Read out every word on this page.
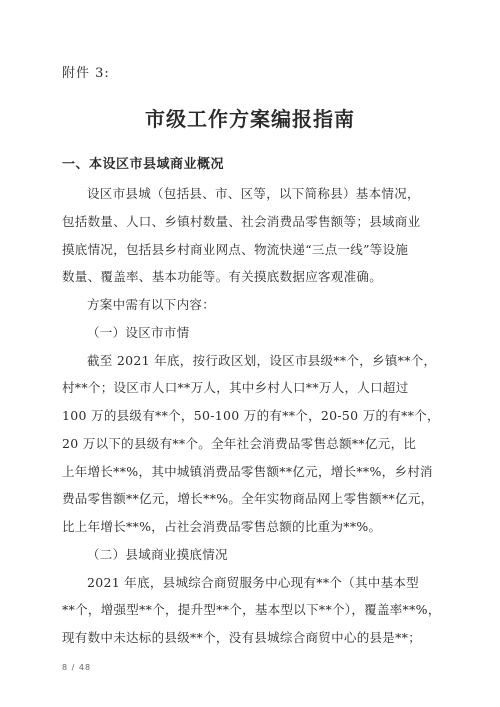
附件 3:
市级工作方案编报指南
一、本设区市县域商业概况
设区市县城（包括县、市、区等，以下简称县）基本情况，
包括数量、人口、乡镇村数量、社会消费品零售额等；县域商业
摸底情况，包括县乡村商业网点、物流快递“三点一线”等设施
数量、覆盖率、基本功能等。有关摸底数据应客观准确。
方案中需有以下内容：
（一）设区市市情
截至 2021 年底，按行政区划，设区市县级**个，乡镇**个，
村**个；设区市人口**万人，其中乡村人口**万人，人口超过
100 万的县级有**个，50-100 万的有**个，20-50 万的有**个，
20 万以下的县级有**个。全年社会消费品零售总额**亿元，比
上年增长**%，其中城镇消费品零售额**亿元，增长**%，乡村消
费品零售额**亿元，增长**%。全年实物商品网上零售额**亿元，
比上年增长**%，占社会消费品零售总额的比重为**%。
（二）县域商业摸底情况
2021 年底，县城综合商贸服务中心现有**个（其中基本型
**个，增强型**个，提升型**个，基本型以下**个），覆盖率**%，
现有数中未达标的县级**个，没有县城综合商贸中心的县是**；
8 / 48
